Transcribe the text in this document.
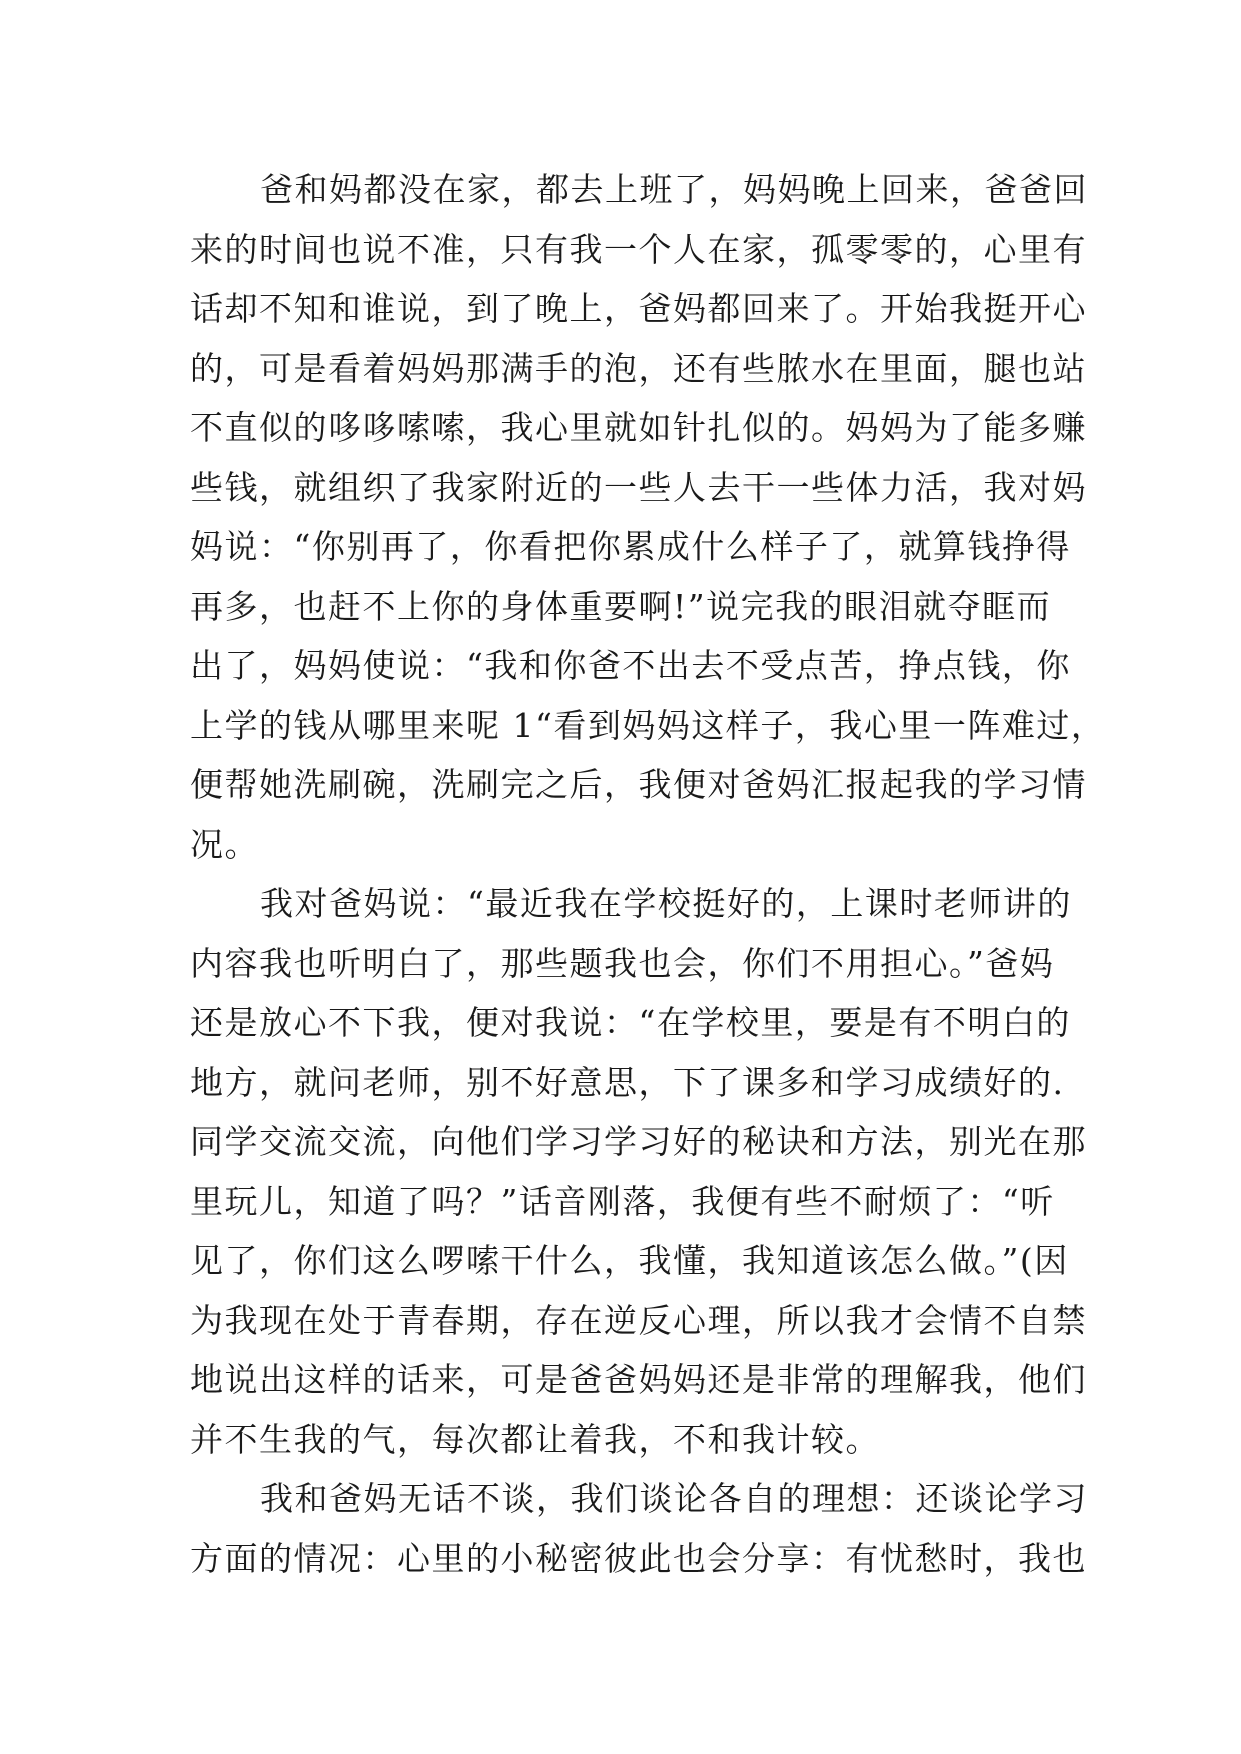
爸和妈都没在家，都去上班了，妈妈晚上回来，爸爸回
来的时间也说不准，只有我一个人在家，孤零零的，心里有
话却不知和谁说，到了晚上，爸妈都回来了。开始我挺开心
的，可是看着妈妈那满手的泡，还有些脓水在里面，腿也站
不直似的哆哆嗦嗦，我心里就如针扎似的。妈妈为了能多赚
些钱，就组织了我家附近的一些人去干一些体力活，我对妈
妈说：“你别再了，你看把你累成什么样子了，就算钱挣得
再多，也赶不上你的身体重要啊!”说完我的眼泪就夺眶而
出了，妈妈使说：“我和你爸不出去不受点苦，挣点钱，你
上学的钱从哪里来呢 1“看到妈妈这样子，我心里一阵难过，
便帮她洗刷碗，洗刷完之后，我便对爸妈汇报起我的学习情
况。
我对爸妈说：“最近我在学校挺好的，上课时老师讲的
内容我也听明白了，那些题我也会，你们不用担心。”爸妈
还是放心不下我，便对我说：“在学校里，要是有不明白的
地方，就问老师，别不好意思，下了课多和学习成绩好的.
同学交流交流，向他们学习学习好的秘诀和方法，别光在那
里玩儿，知道了吗？”话音刚落，我便有些不耐烦了：“听
见了，你们这么啰嗦干什么，我懂，我知道该怎么做。”(因
为我现在处于青春期，存在逆反心理，所以我才会情不自禁
地说出这样的话来，可是爸爸妈妈还是非常的理解我，他们
并不生我的气，每次都让着我，不和我计较。
我和爸妈无话不谈，我们谈论各自的理想：还谈论学习
方面的情况：心里的小秘密彼此也会分享：有忧愁时，我也
